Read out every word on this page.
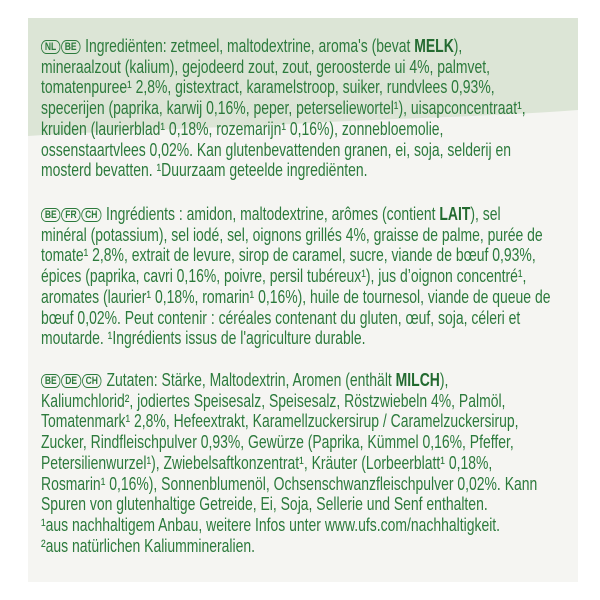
NL BE Ingrediënten: zetmeel, maltodextrine, aroma's (bevat MELK),
mineraalzout (kalium), gejodeerd zout, zout, geroosterde ui 4%, palmvet,
tomatenpuree¹ 2,8%, gistextract, karamelstroop, suiker, rundvlees 0,93%,
specerijen (paprika, karwij 0,16%, peper, peterseliewortel¹), uisapconcentraat¹,
kruiden (laurierblad¹ 0,18%, rozemarijn¹ 0,16%), zonnebloemolie,
ossenstaartvlees 0,02%. Kan glutenbevattenden granen, ei, soja, selderij en
mosterd bevatten. ¹Duurzaam geteelde ingrediënten.
BE FR CH Ingrédients : amidon, maltodextrine, arômes (contient LAIT), sel
minéral (potassium), sel iodé, sel, oignons grillés 4%, graisse de palme, purée de
tomate¹ 2,8%, extrait de levure, sirop de caramel, sucre, viande de bœuf 0,93%,
épices (paprika, cavri 0,16%, poivre, persil tubéreux¹), jus d’oignon concentré¹,
aromates (laurier¹ 0,18%, romarin¹ 0,16%), huile de tournesol, viande de queue de
bœuf 0,02%. Peut contenir : céréales contenant du gluten, œuf, soja, céleri et
moutarde. ¹Ingrédients issus de l'agriculture durable.
BE DE CH Zutaten: Stärke, Maltodextrin, Aromen (enthält MILCH),
Kaliumchlorid², jodiertes Speisesalz, Speisesalz, Röstzwiebeln 4%, Palmöl,
Tomatenmark¹ 2,8%, Hefeextrakt, Karamellzuckersirup / Caramelzuckersirup,
Zucker, Rindfleischpulver 0,93%, Gewürze (Paprika, Kümmel 0,16%, Pfeffer,
Petersilienwurzel¹), Zwiebelsaftkonzentrat¹, Kräuter (Lorbeerblatt¹ 0,18%,
Rosmarin¹ 0,16%), Sonnenblumenöl, Ochsenschwanzfleischpulver 0,02%. Kann
Spuren von glutenhaltige Getreide, Ei, Soja, Sellerie und Senf enthalten.
¹aus nachhaltigem Anbau, weitere Infos unter www.ufs.com/nachhaltigkeit.
²aus natürlichen Kaliummineralien.
